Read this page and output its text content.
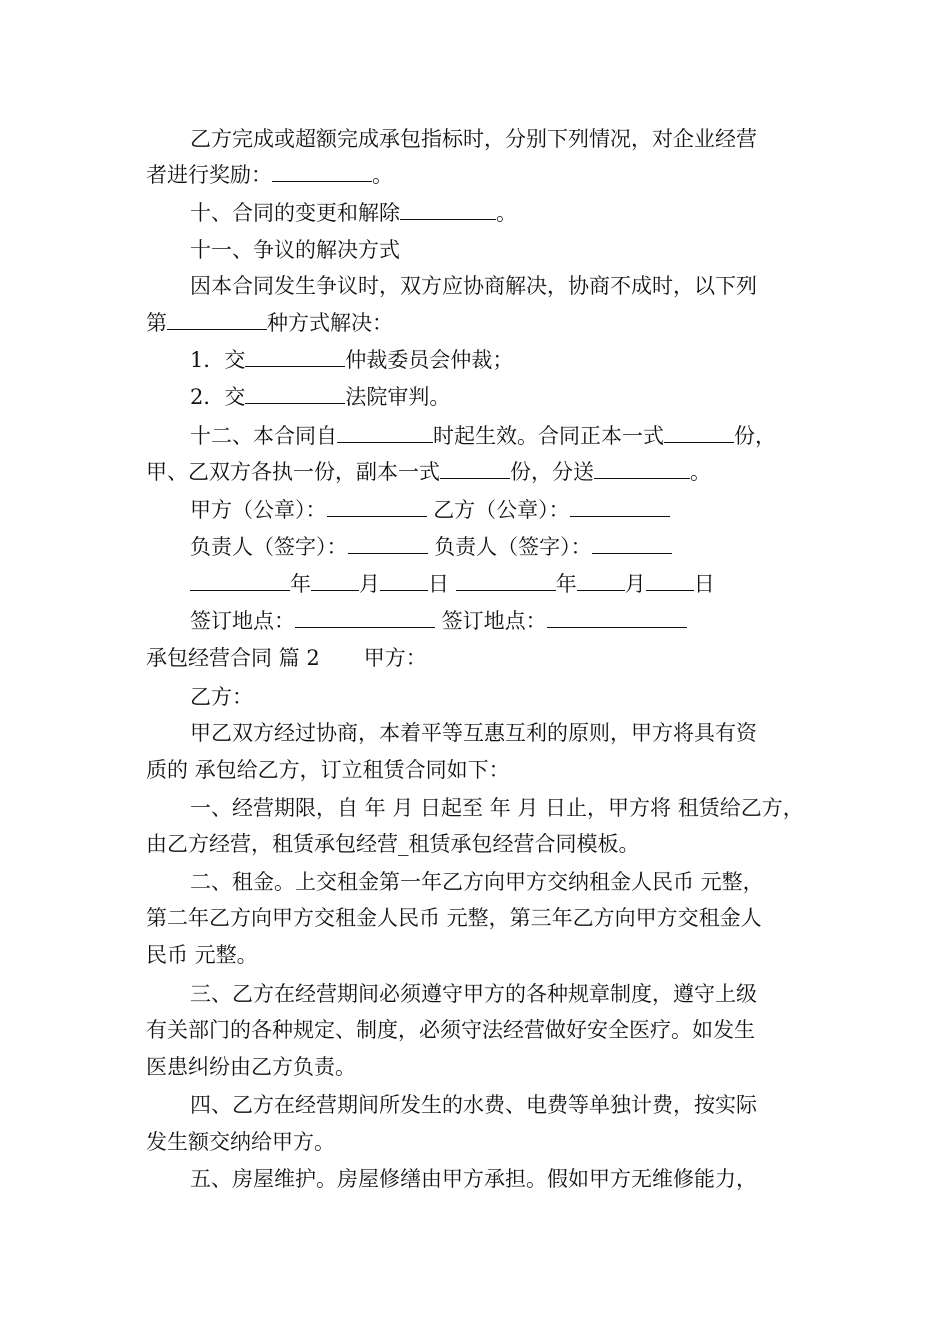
乙方完成或超额完成承包指标时，分别下列情况，对企业经营
者进行奖励：	。
十、合同的变更和解除	。
十一、争议的解决方式
因本合同发生争议时，双方应协商解决，协商不成时，以下列
第	种方式解决：
1．交	仲裁委员会仲裁；
2．交	法院审判。
十二、本合同自	时起生效。合同正本一式	份，
甲、乙双方各执一份，副本一式	份，分送	。
甲方（公章）：	乙方（公章）：
负责人（签字）：	负责人（签字）：
年 月 日	年 月 日
签订地点：	签订地点：
承包经营合同 篇 2 甲方：
乙方：
甲乙双方经过协商，本着平等互惠互利的原则，甲方将具有资
质的 承包给乙方，订立租赁合同如下：
一、经营期限，自 年 月 日起至 年 月 日止，甲方将 租赁给乙方，
由乙方经营，租赁承包经营_租赁承包经营合同模板。
二、租金。上交租金第一年乙方向甲方交纳租金人民币 元整，
第二年乙方向甲方交租金人民币 元整，第三年乙方向甲方交租金人
民币 元整。
三、乙方在经营期间必须遵守甲方的各种规章制度，遵守上级
有关部门的各种规定、制度，必须守法经营做好安全医疗。如发生
医患纠纷由乙方负责。
四、乙方在经营期间所发生的水费、电费等单独计费，按实际
发生额交纳给甲方。
五、房屋维护。房屋修缮由甲方承担。假如甲方无维修能力，
